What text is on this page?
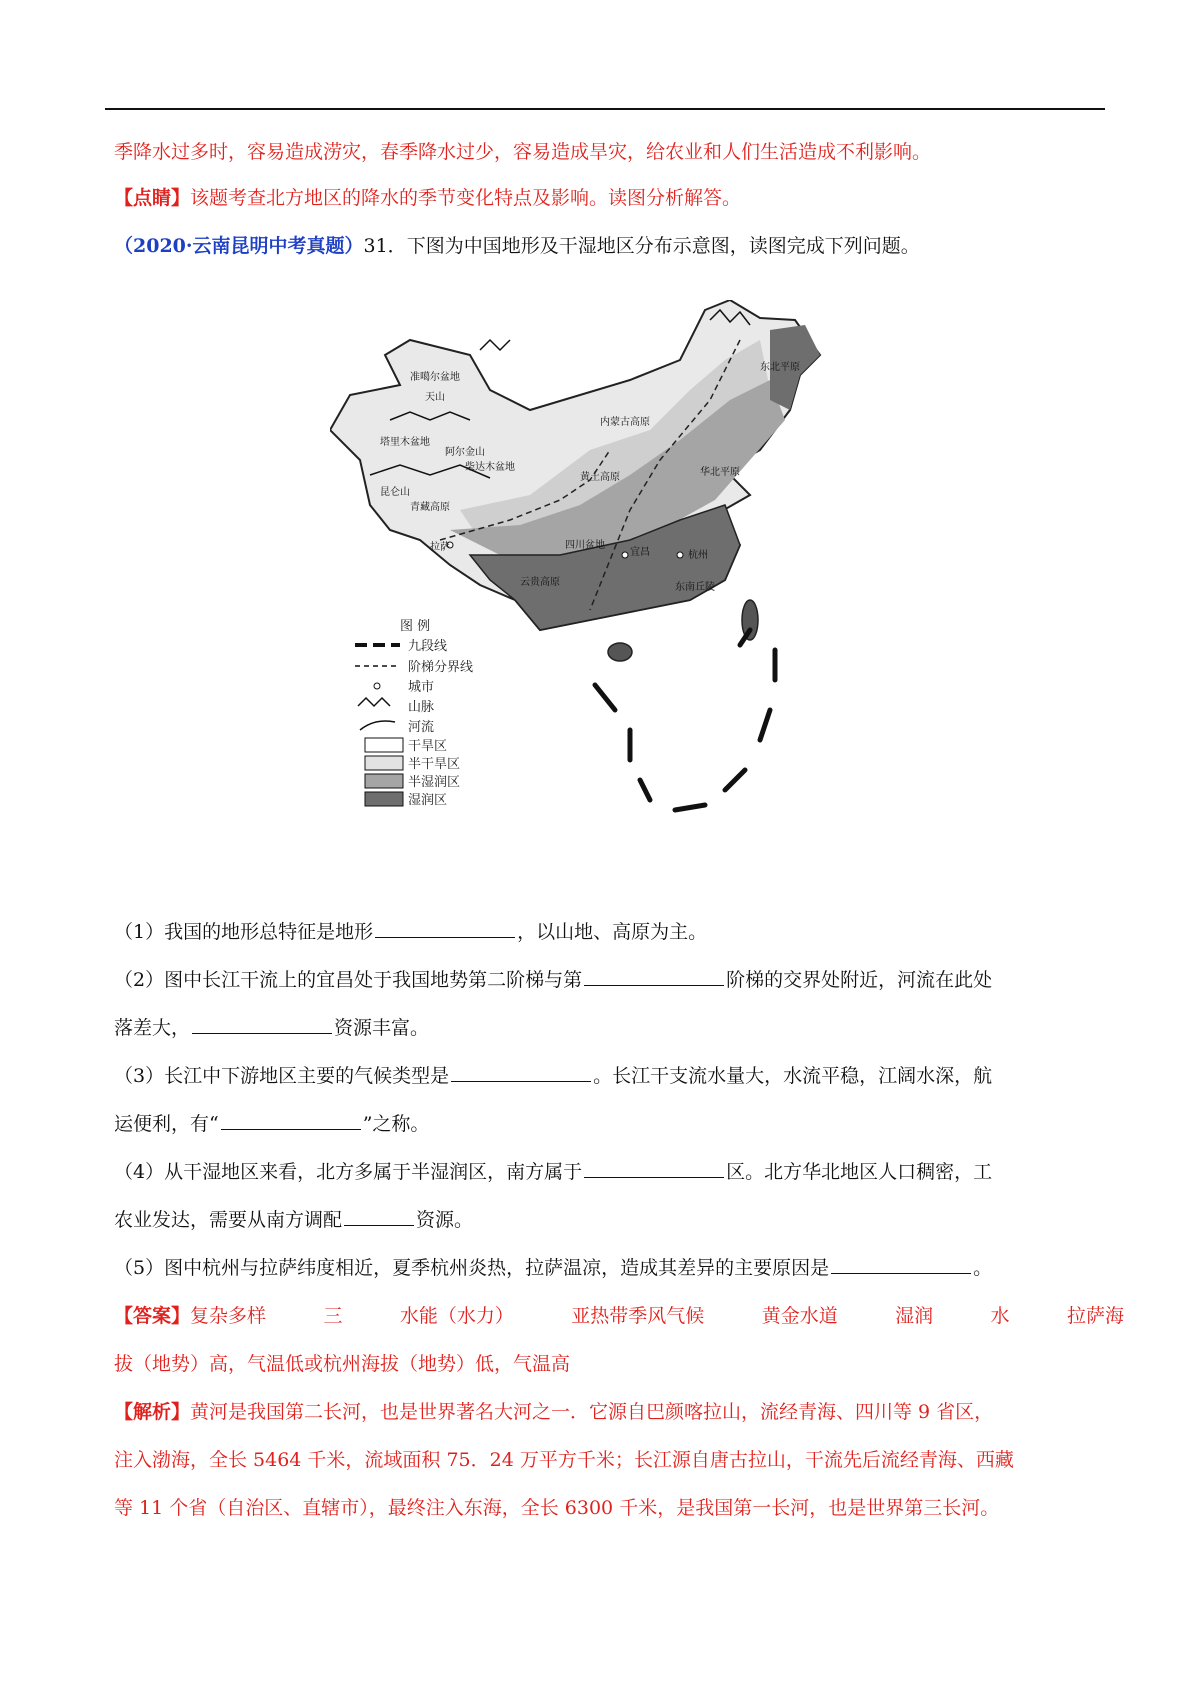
季降水过多时，容易造成涝灾，春季降水过少，容易造成旱灾，给农业和人们生活造成不利影响。
【点睛】该题考查北方地区的降水的季节变化特点及影响。读图分析解答。
（2020·云南昆明中考真题）31．下图为中国地形及干湿地区分布示意图，读图完成下列问题。
准噶尔盆地
塔里木盆地
柴达木盆地
青藏高原
拉萨
内蒙古高原
黄土高原
四川盆地
云贵高原	东南丘陵
宜昌	杭州
东北平原
华北平原
天山
昆仑山
阿尔金山
图 例
九段线
阶梯分界线
城市
山脉
河流
干旱区
半干旱区
半湿润区
湿润区
（1）我国的地形总特征是地形	，以山地、高原为主。
（2）图中长江干流上的宜昌处于我国地势第二阶梯与第	阶梯的交界处附近，河流在此处
落差大，	资源丰富。
（3）长江中下游地区主要的气候类型是	。长江干支流水量大，水流平稳，江阔水深，航
运便利，有“	”之称。
（4）从干湿地区来看，北方多属于半湿润区，南方属于	区。北方华北地区人口稠密，工
农业发达，需要从南方调配	资源。
（5）图中杭州与拉萨纬度相近，夏季杭州炎热，拉萨温凉，造成其差异的主要原因是	。
【答案】复杂多样	三	水能（水力）	亚热带季风气候	黄金水道	湿润	水	拉萨海
拔（地势）高，气温低或杭州海拔（地势）低，气温高
【解析】黄河是我国第二长河，也是世界著名大河之一．它源自巴颜喀拉山，流经青海、四川等 9 省区，
注入渤海，全长 5464 千米，流域面积 75．24 万平方千米；长江源自唐古拉山，干流先后流经青海、西藏
等 11 个省（自治区、直辖市），最终注入东海，全长 6300 千米，是我国第一长河，也是世界第三长河。
